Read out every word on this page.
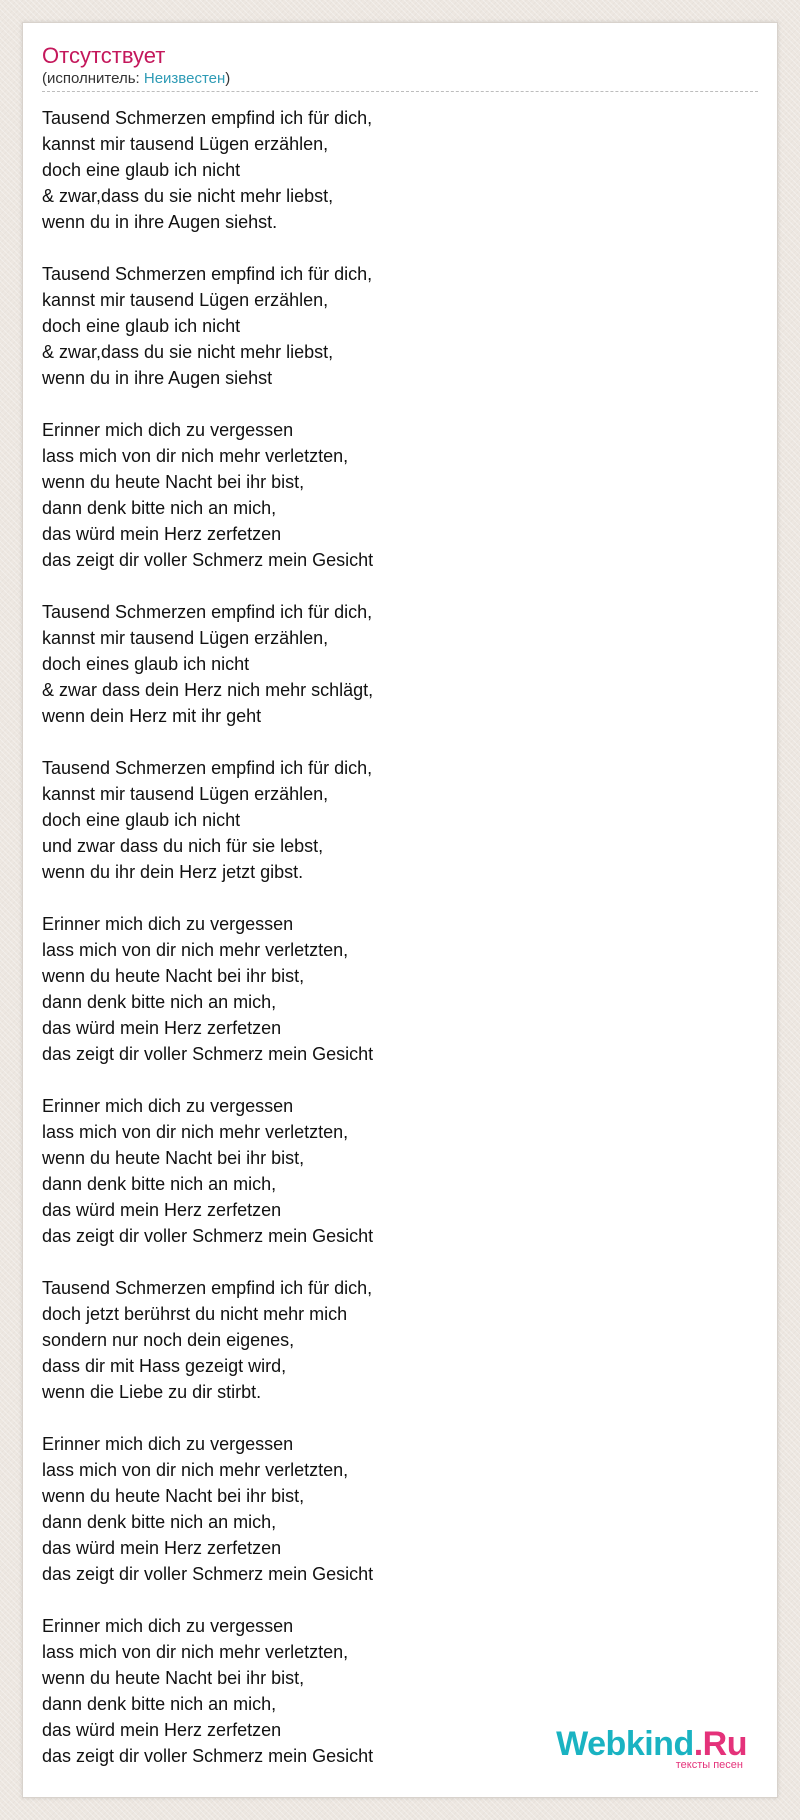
Отсутствует
(исполнитель: Неизвестен)
Tausend Schmerzen empfind ich für dich,
kannst mir tausend Lügen erzählen,
doch eine glaub ich nicht
& zwar,dass du sie nicht mehr liebst,
wenn du in ihre Augen siehst.
Tausend Schmerzen empfind ich für dich,
kannst mir tausend Lügen erzählen,
doch eine glaub ich nicht
& zwar,dass du sie nicht mehr liebst,
wenn du in ihre Augen siehst
Erinner mich dich zu vergessen
lass mich von dir nich mehr verletzten,
wenn du heute Nacht bei ihr bist,
dann denk bitte nich an mich,
das würd mein Herz zerfetzen
das zeigt dir voller Schmerz mein Gesicht
Tausend Schmerzen empfind ich für dich,
kannst mir tausend Lügen erzählen,
doch eines glaub ich nicht
& zwar dass dein Herz nich mehr schlägt,
wenn dein Herz mit ihr geht
Tausend Schmerzen empfind ich für dich,
kannst mir tausend Lügen erzählen,
doch eine glaub ich nicht
und zwar dass du nich für sie lebst,
wenn du ihr dein Herz jetzt gibst.
Erinner mich dich zu vergessen
lass mich von dir nich mehr verletzten,
wenn du heute Nacht bei ihr bist,
dann denk bitte nich an mich,
das würd mein Herz zerfetzen
das zeigt dir voller Schmerz mein Gesicht
Erinner mich dich zu vergessen
lass mich von dir nich mehr verletzten,
wenn du heute Nacht bei ihr bist,
dann denk bitte nich an mich,
das würd mein Herz zerfetzen
das zeigt dir voller Schmerz mein Gesicht
Tausend Schmerzen empfind ich für dich,
doch jetzt berührst du nicht mehr mich
sondern nur noch dein eigenes,
dass dir mit Hass gezeigt wird,
wenn die Liebe zu dir stirbt.
Erinner mich dich zu vergessen
lass mich von dir nich mehr verletzten,
wenn du heute Nacht bei ihr bist,
dann denk bitte nich an mich,
das würd mein Herz zerfetzen
das zeigt dir voller Schmerz mein Gesicht
Erinner mich dich zu vergessen
lass mich von dir nich mehr verletzten,
wenn du heute Nacht bei ihr bist,
dann denk bitte nich an mich,
das würd mein Herz zerfetzen
das zeigt dir voller Schmerz mein Gesicht	Webkind.Ru
тексты песен
